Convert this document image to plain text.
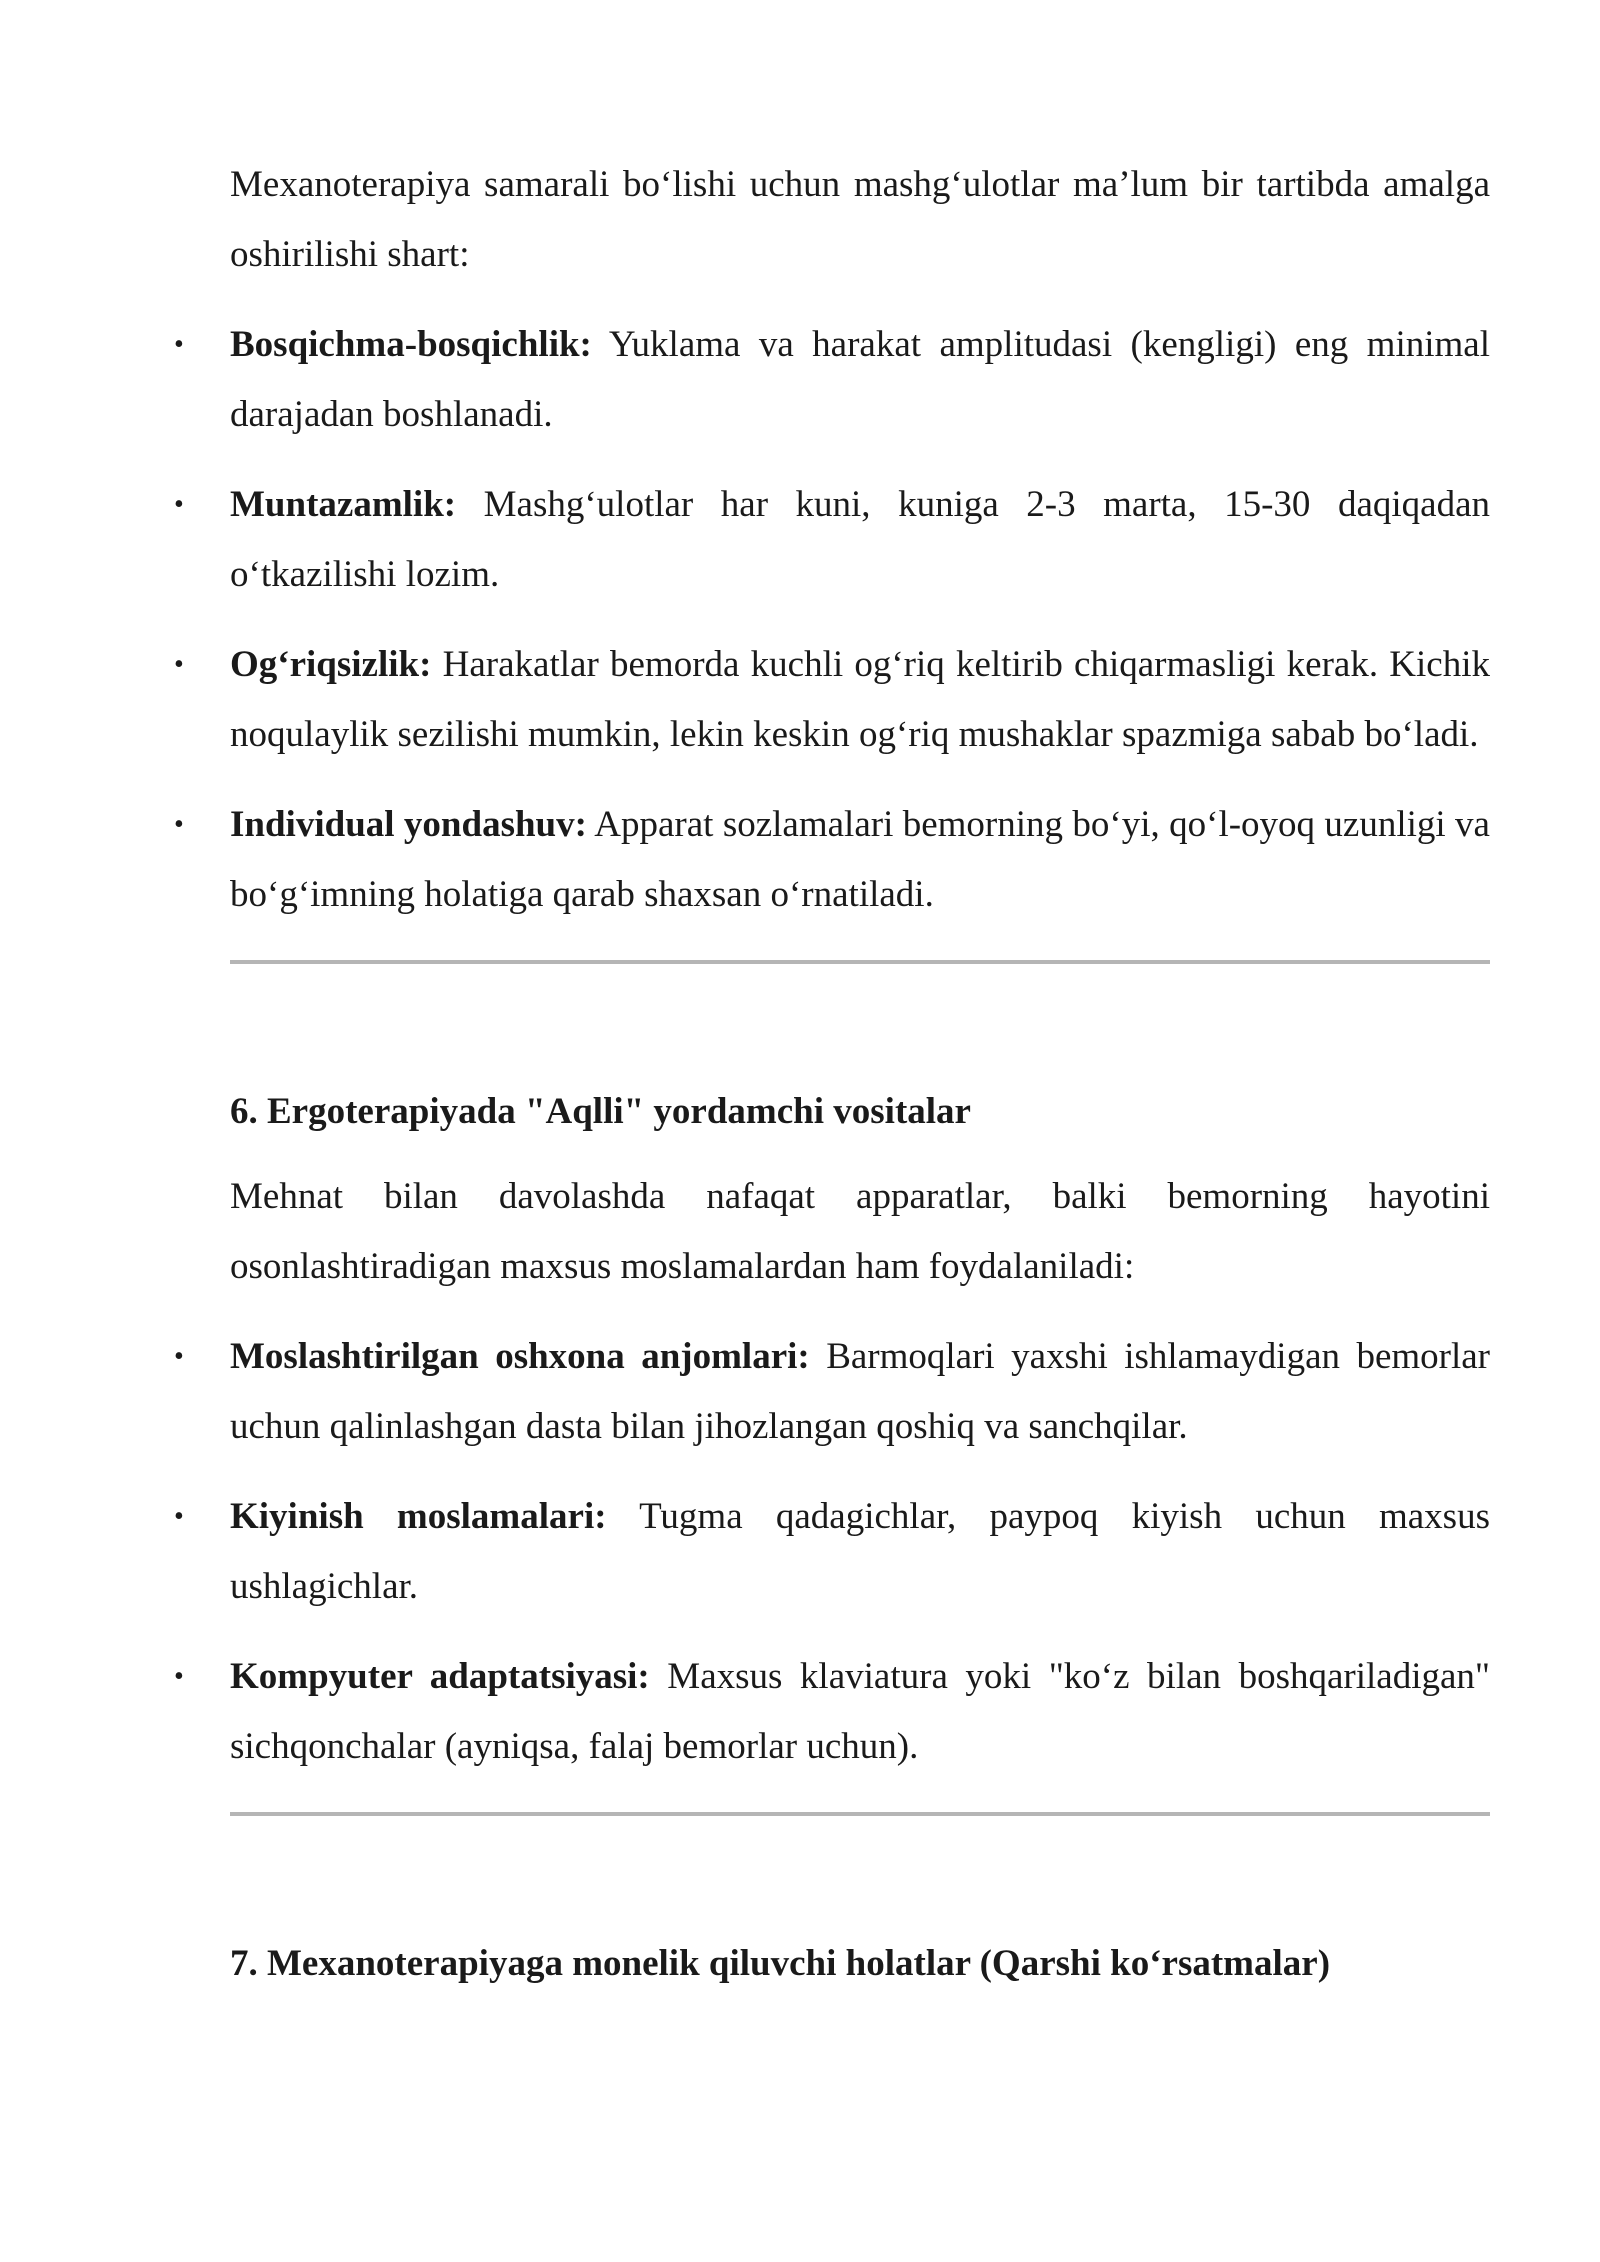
Mexanoterapiya samarali bo‘lishi uchun mashg‘ulotlar ma’lum bir tartibda amalga oshirilishi shart:

• Bosqichma-bosqichlik: Yuklama va harakat amplitudasi (kengligi) eng minimal darajadan boshlanadi.
• Muntazamlik: Mashg‘ulotlar har kuni, kuniga 2-3 marta, 15-30 daqiqadan o‘tkazilishi lozim.
• Og‘riqsizlik: Harakatlar bemorda kuchli og‘riq keltirib chiqarmasligi kerak. Kichik noqulaylik sezilishi mumkin, lekin keskin og‘riq mushaklar spazmiga sabab bo‘ladi.
• Individual yondashuv: Apparat sozlamalari bemorning bo‘yi, qo‘l-oyoq uzunligi va bo‘g‘imning holatiga qarab shaxsan o‘rnatiladi.
6. Ergoterapiyada "Aqlli" yordamchi vositalar

Mehnat bilan davolashda nafaqat apparatlar, balki bemorning hayotini osonlashtiradigan maxsus moslamalardan ham foydalaniladi:

• Moslashtirilgan oshxona anjomlari: Barmoqlari yaxshi ishlamaydigan bemorlar uchun qalinlashgan dasta bilan jihozlangan qoshiq va sanchqilar.
• Kiyinish moslamalari: Tugma qadagichlar, paypoq kiyish uchun maxsus ushlagichlar.
• Kompyuter adaptatsiyasi: Maxsus klaviatura yoki "ko‘z bilan boshqariladigan" sichqonchalar (ayniqsa, falaj bemorlar uchun).
7. Mexanoterapiyaga monelik qiluvchi holatlar (Qarshi ko‘rsatmalar)
